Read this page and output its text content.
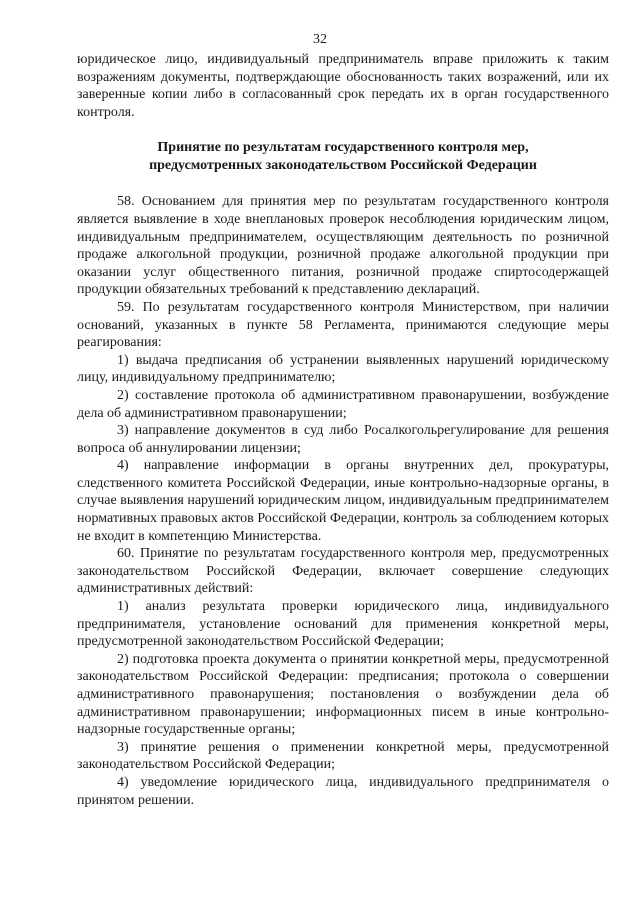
32

юридическое лицо, индивидуальный предприниматель вправе приложить к таким возражениям документы, подтверждающие обоснованность таких возражений, или их заверенные копии либо в согласованный срок передать их в орган государственного контроля.

Принятие по результатам государственного контроля мер,
предусмотренных законодательством Российской Федерации

58. Основанием для принятия мер по результатам государственного контроля является выявление в ходе внеплановых проверок несоблюдения юридическим лицом, индивидуальным предпринимателем, осуществляющим деятельность по розничной продаже алкогольной продукции, розничной продаже алкогольной продукции при оказании услуг общественного питания, розничной продаже спиртосодержащей продукции обязательных требований к представлению деклараций.

59. По результатам государственного контроля Министерством, при наличии оснований, указанных в пункте 58 Регламента, принимаются следующие меры реагирования:

1) выдача предписания об устранении выявленных нарушений юридическому лицу, индивидуальному предпринимателю;

2) составление протокола об административном правонарушении, возбуждение дела об административном правонарушении;

3) направление документов в суд либо Росалкогольрегулирование для решения вопроса об аннулировании лицензии;

4) направление информации в органы внутренних дел, прокуратуры, следственного комитета Российской Федерации, иные контрольно-надзорные органы, в случае выявления нарушений юридическим лицом, индивидуальным предпринимателем нормативных правовых актов Российской Федерации, контроль за соблюдением которых не входит в компетенцию Министерства.

60. Принятие по результатам государственного контроля мер, предусмотренных законодательством Российской Федерации, включает совершение следующих административных действий:

1) анализ результата проверки юридического лица, индивидуального предпринимателя, установление оснований для применения конкретной меры, предусмотренной законодательством Российской Федерации;

2) подготовка проекта документа о принятии конкретной меры, предусмотренной законодательством Российской Федерации: предписания; протокола о совершении административного правонарушения; постановления о возбуждении дела об административном правонарушении; информационных писем в иные контрольно-надзорные государственные органы;

3) принятие решения о применении конкретной меры, предусмотренной законодательством Российской Федерации;

4) уведомление юридического лица, индивидуального предпринимателя о принятом решении.
